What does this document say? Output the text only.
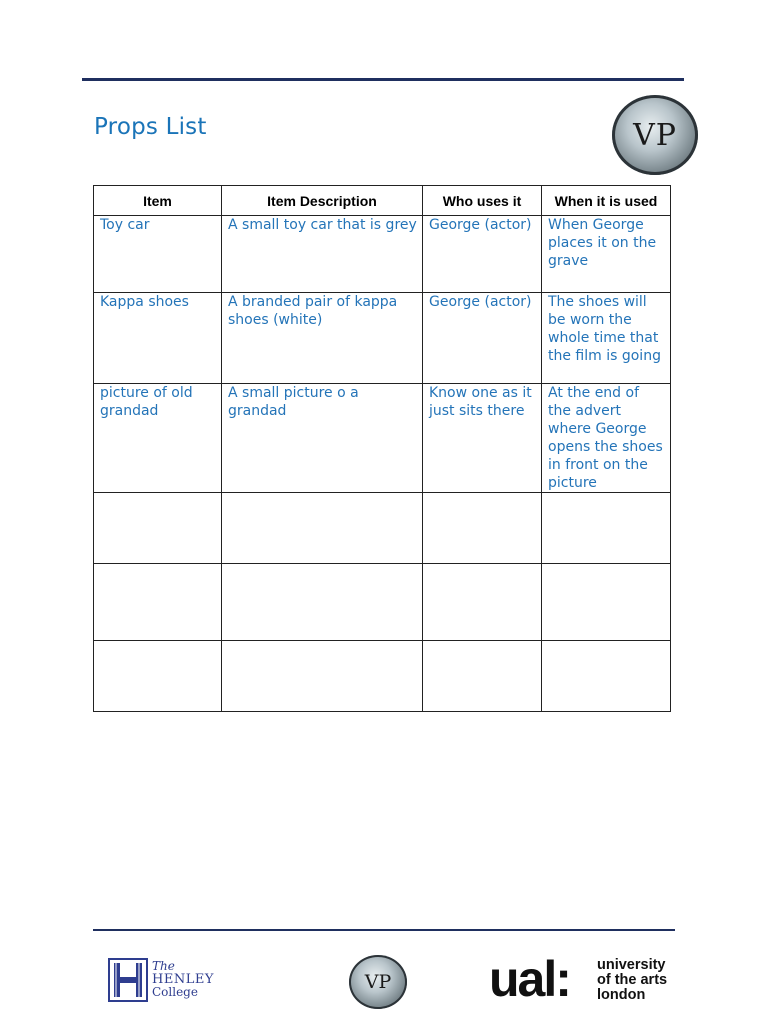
Props List	VP
Item	Item Description	Who uses it	When it is used
Toy car	A small toy car that is grey	George (actor)	When George places it on the grave
Kappa shoes	A branded pair of kappa shoes (white)	George (actor)	The shoes will be worn the whole time that the film is going
picture of old grandad	A small picture o a grandad	Know one as it just sits there	At the end of the advert where George opens the shoes in front on the picture

The
HENLEY
College	VP ual: university
of the arts
london
